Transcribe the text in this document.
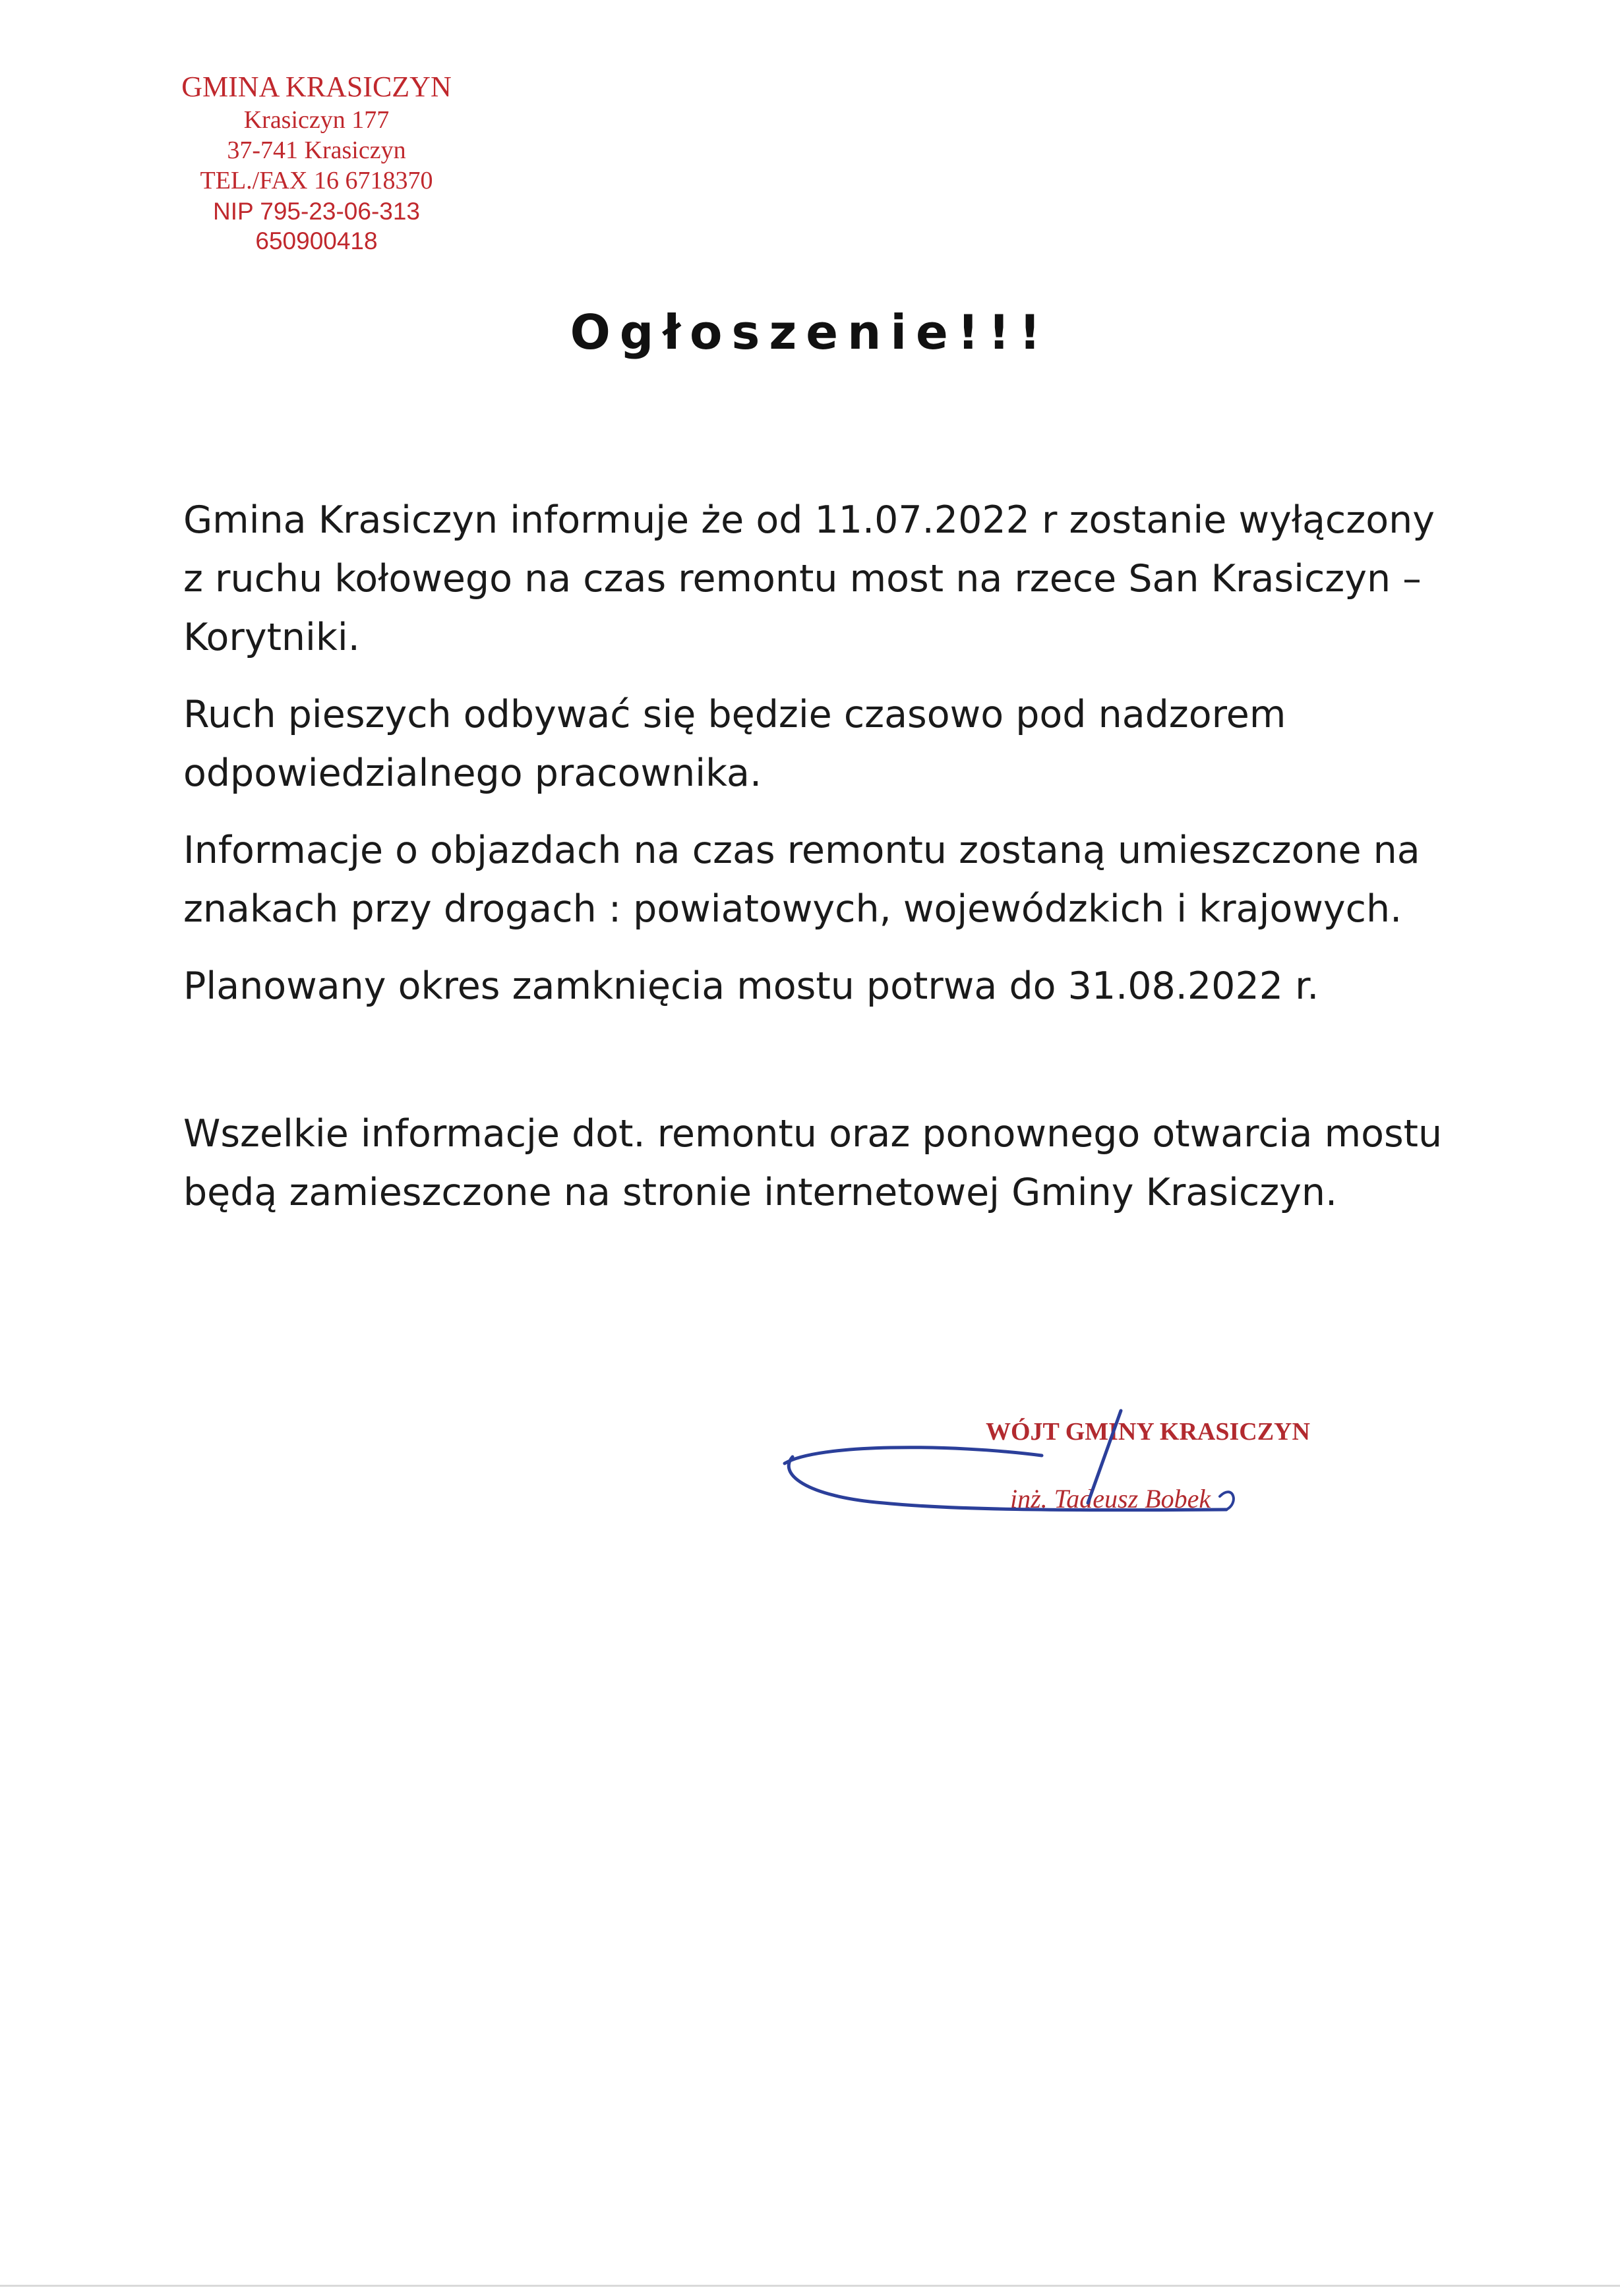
GMINA KRASICZYN
Krasiczyn 177
37-741 Krasiczyn
TEL./FAX 16 6718370
NIP 795-23-06-313
650900418
Ogłoszenie!!!

Gmina Krasiczyn informuje że od 11.07.2022 r zostanie wyłączony z ruchu kołowego na czas remontu most na rzece San Krasiczyn – Korytniki.

Ruch pieszych odbywać się będzie czasowo pod nadzorem odpowiedzialnego pracownika.

Informacje o objazdach na czas remontu zostaną umieszczone na znakach przy drogach : powiatowych, wojewódzkich i krajowych.

Planowany okres zamknięcia mostu potrwa do 31.08.2022 r.

Wszelkie informacje dot. remontu oraz ponownego otwarcia mostu będą zamieszczone na stronie internetowej Gminy Krasiczyn.

WÓJT GMINY KRASICZYN
inż. Tadeusz Bobek
